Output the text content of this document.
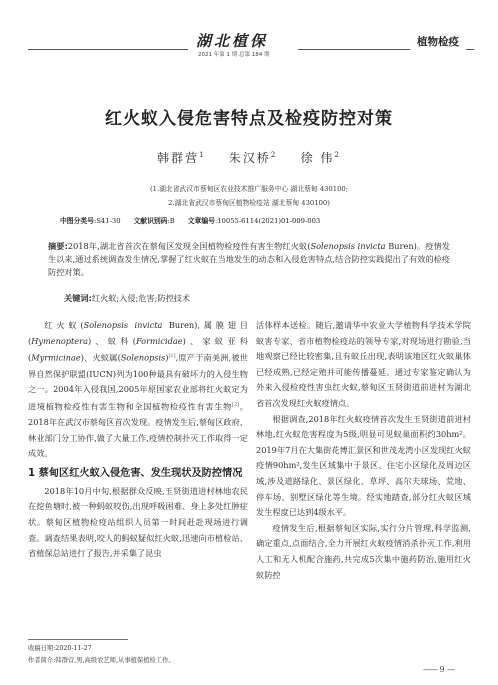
湖北植保
2021 年第 1 期 总第 184 期
植物检疫
红火蚁入侵危害特点及检疫防控对策
韩群营$^1$ 朱汉桥$^2$ 徐 伟$^2$
(1.湖北省武汉市蔡甸区农业技术推广服务中心 湖北蔡甸 430100;
2.湖北省武汉市蔡甸区植物检疫站 湖北蔡甸 430100)
中图分类号:S41-30 文献识别码:B 文章编号:10055-6114(2021)01-009-003
摘要:2018年,湖北省首次在蔡甸区发现全国植物检疫性有害生物红火蚁(Solenopsis invicta Buren)。疫情发生以来,通过系统调查发生情况,掌握了红火蚁在当地发生的动态和入侵危害特点,结合防控实践提出了有效的检疫防控对策。
关键词:红火蚁;入侵;危害;防控技术

红火蚁(Solenopsis invicta Buren),属膜翅目(Hymenoptera)、蚁科(Formicidae)、家蚁亚科(Myrmicinae)、火蚁属(Solenopsis)[1],原产于南美洲,被世界自然保护联盟(IUCN)列为100种最具有破坏力的入侵生物之一。2004年入侵我国,2005年原国家农业部将红火蚁定为进境植物检疫性有害生物和全国植物检疫性有害生物[2]。2018年在武汉市蔡甸区首次发现。疫情发生后,蔡甸区政府、林业部门分工协作,做了大量工作,疫情控制扑灭工作取得一定成效。

1 蔡甸区红火蚁入侵危害、发生现状及防控情况

2018年10月中旬,根据群众反映,玉贤街道进村林地农民在挖鱼塘时,被一种蚂蚁咬伤,出现呼吸困难、身上多处红肿症状。蔡甸区植物检疫站组织人员第一时间赶赴现场进行调查。调查结果表明,咬人的蚂蚁疑似红火蚁,迅速向市植检站、省植保总站进行了报告,并采集了昆虫

活体样本送检。随后,邀请华中农业大学植物科学技术学院蚁害专家、省市植物检疫站的领导专家,对现场进行勘验,当地观察已经比较密集,且有蚁丘出现,表明该地区红火蚁巢体已经成熟,已经定殖并可能传播蔓延。通过专家鉴定确认为外来入侵检疫性害虫红火蚁,蔡甸区玉贤街道前进村为湖北省首次发现红火蚁疫情点。

根据调查,2018年红火蚁疫情首次发生玉贤街道前进村林地,红火蚁危害程度为5级,明显可见蚁巢面积约30hm²。2019年7月在大集街花博汇景区和世茂龙湾小区发现红火蚁疫情90hm²,发生区域集中于景区、住宅小区绿化及周边区域,涉及道路绿化、景区绿化、草坪、高尔夫球场、荒地、停车场、别墅区绿化等生境。经实地踏查,部分红火蚁区域发生程度已达到4级水平。

疫情发生后,根据蔡甸区实际,实行分片管理,科学监测,确定重点,点面结合,全力开展红火蚁疫情消杀扑灭工作,利用人工和无人机配合施药,共完成5次集中施药防治,施用红火蚁防控

收稿日期:2020-11-27
作者简介:韩群营,男,高级农艺师,从事植保植检工作。
—— 9 —
